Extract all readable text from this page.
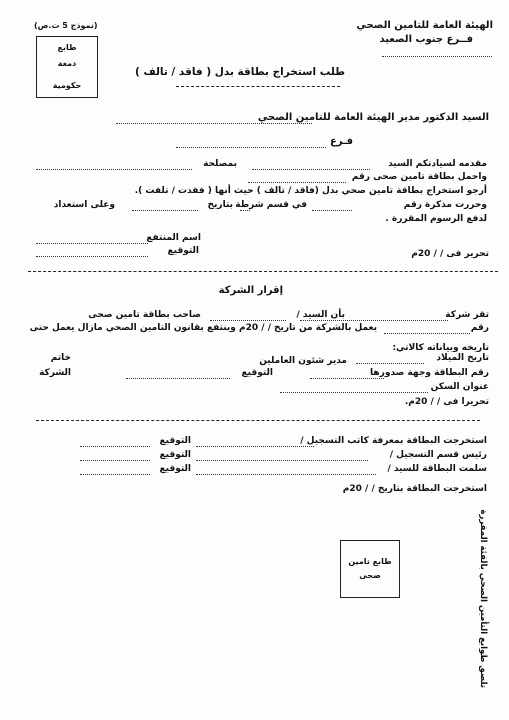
الهيئة العامة للتامين الصحي
فــرع جنوب الصعيد
(نموذج 5 ت.ص)
طابع
دمغة
حكومية
طلب استخراج بطاقة بدل ( فاقد / تالف )
السيد الدكتور مدير الهيئة العامة للتامين الصحي
فـرع
مقدمه لسيادتكم السيد
بمصلحة
واحمل بطاقة تامين صحى رقم
أرجو استخراج بطاقة تامين صحي بدل (فاقد / تالف ) حيث أنها ( فقدت / تلفت ).
وحررت مذكرة رقم
في قسم شرطة
بتاريخ
وعلى استعداد
لدفع الرسوم المقررة .
اسم المنتفع
التوقيع	تحرير فى / / 20م
إقرار الشركة
تقر شركة
بأن السيد /
صاحب بطاقة تامين صحى
رقم
يعمل بالشركة من تاريخ
/ / 20م وينتفع بقانون التامين الصحي مازال يعمل حتى
تاريخه وبياناته كالاتي:
تاريخ الميلاد
مدير شئون العاملين
خاتم
رقم البطاقة وجهة صدورها
التوقيع
الشركة
عنوان السكن
تحريرا فى / / 20م.
استخرجت البطاقة بمعرفة كاتب التسجيل /
التوقيع
رئيس قسم التسجيل /
التوقيع
سلمت البطاقة للسيد /
التوقيع
استخرجت البطاقة بتاريخ / / 20م
طابع تامين
صحى	تلصق طوابع التأمين الصحي بالفئة المقررة
